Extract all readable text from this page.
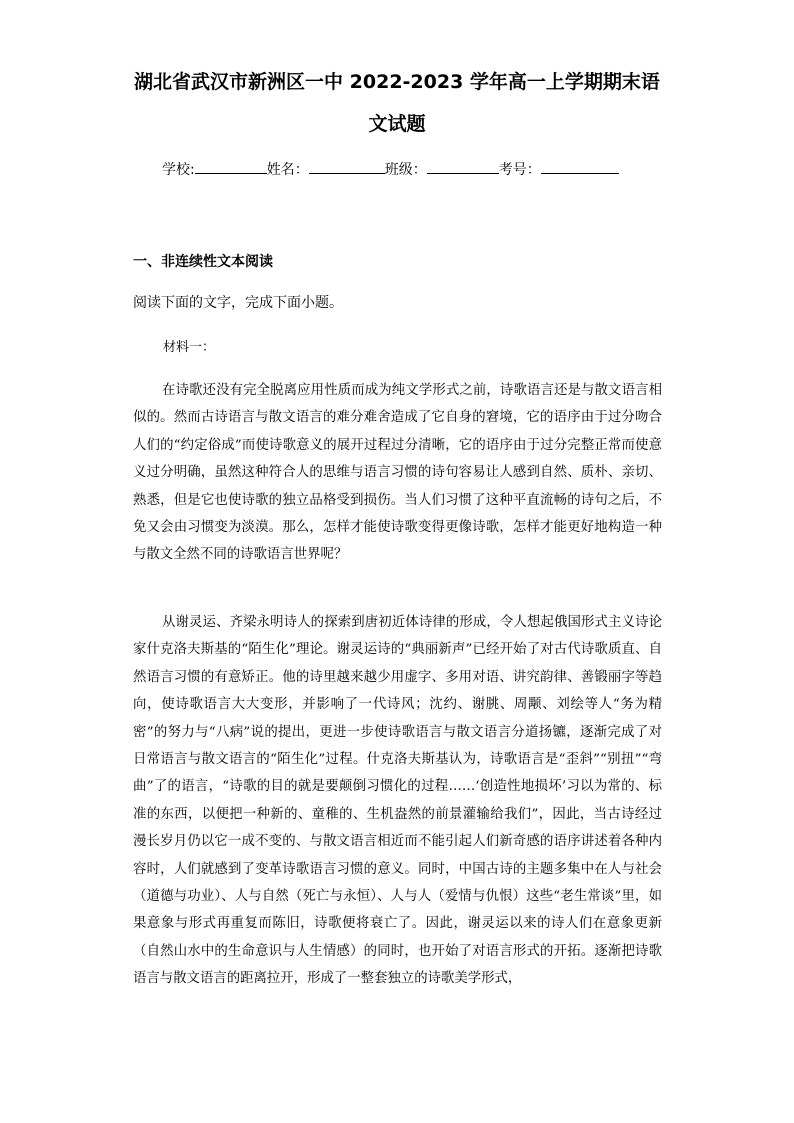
湖北省武汉市新洲区一中 2022-2023 学年高一上学期期末语
文试题
学校:	姓名：	班级：	考号：
一、非连续性文本阅读
阅读下面的文字，完成下面小题。
材料一：

在诗歌还没有完全脱离应用性质而成为纯文学形式之前，诗歌语言还是与散文语言相似的。然而古诗语言与散文语言的难分难舍造成了它自身的窘境，它的语序由于过分吻合人们的“约定俗成”而使诗歌意义的展开过程过分清晰，它的语序由于过分完整正常而使意义过分明确，虽然这种符合人的思维与语言习惯的诗句容易让人感到自然、质朴、亲切、熟悉，但是它也使诗歌的独立品格受到损伤。当人们习惯了这种平直流畅的诗句之后，不免又会由习惯变为淡漠。那么，怎样才能使诗歌变得更像诗歌，怎样才能更好地构造一种与散文全然不同的诗歌语言世界呢？

从谢灵运、齐梁永明诗人的探索到唐初近体诗律的形成，令人想起俄国形式主义诗论家什克洛夫斯基的“陌生化”理论。谢灵运诗的“典丽新声”已经开始了对古代诗歌质直、自然语言习惯的有意矫正。他的诗里越来越少用虚字、多用对语、讲究韵律、善锻丽字等趋向，使诗歌语言大大变形，并影响了一代诗风；沈约、谢朓、周颙、刘绘等人“务为精密”的努力与“八病”说的提出，更进一步使诗歌语言与散文语言分道扬镳，逐渐完成了对日常语言与散文语言的“陌生化”过程。什克洛夫斯基认为，诗歌语言是“歪斜”“别扭”“弯曲”了的语言，“诗歌的目的就是要颠倒习惯化的过程……‘创造性地损坏’习以为常的、标准的东西，以便把一种新的、童稚的、生机盎然的前景灌输给我们”，因此，当古诗经过漫长岁月仍以它一成不变的、与散文语言相近而不能引起人们新奇感的语序讲述着各种内容时，人们就感到了变革诗歌语言习惯的意义。同时，中国古诗的主题多集中在人与社会（道德与功业）、人与自然（死亡与永恒）、人与人（爱情与仇恨）这些“老生常谈”里，如果意象与形式再重复而陈旧，诗歌便将衰亡了。因此，谢灵运以来的诗人们在意象更新（自然山水中的生命意识与人生情感）的同时，也开始了对语言形式的开拓。逐渐把诗歌语言与散文语言的距离拉开，形成了一整套独立的诗歌美学形式，
